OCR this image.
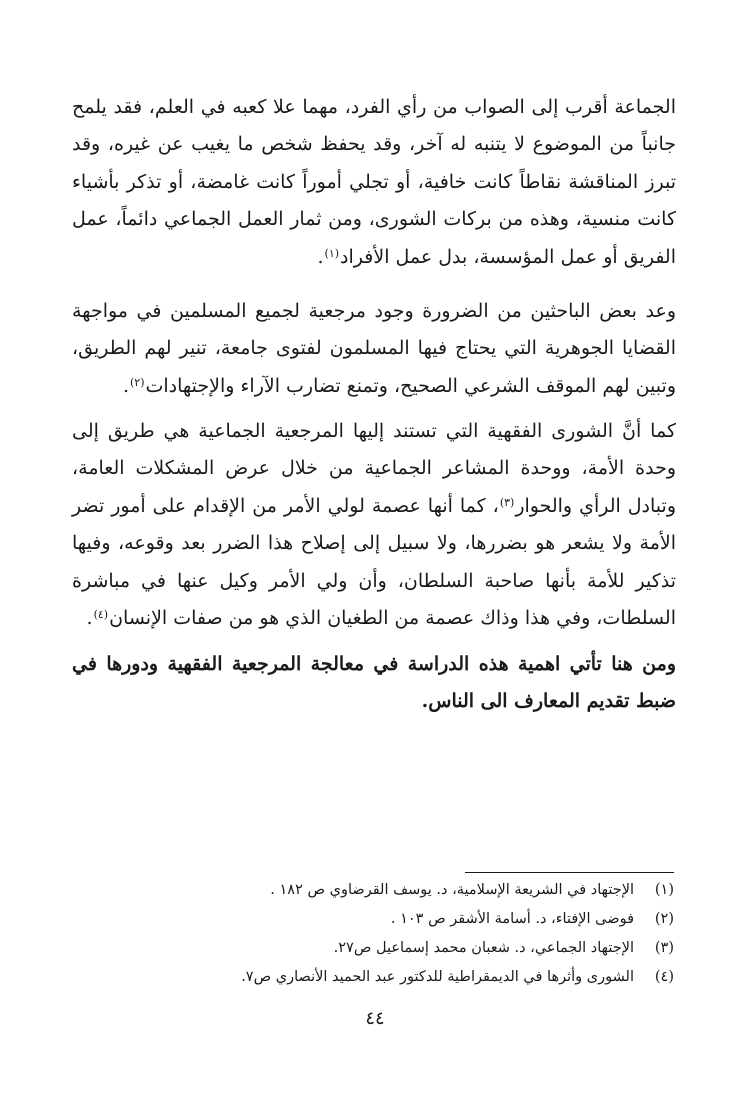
الجماعة أقرب إلى الصواب من رأي الفرد، مهما علا كعبه في العلم، فقد يلمح جانباً من الموضوع لا يتنبه له آخر، وقد يحفظ شخص ما يغيب عن غيره، وقد تبرز المناقشة نقاطاً كانت خافية، أو تجلي أموراً كانت غامضة، أو تذكر بأشياء كانت منسية، وهذه من بركات الشورى، ومن ثمار العمل الجماعي دائماً، عمل الفريق أو عمل المؤسسة، بدل عمل الأفراد$^{(١)}$.

وعد بعض الباحثين من الضرورة وجود مرجعية لجميع المسلمين في مواجهة القضايا الجوهرية التي يحتاج فيها المسلمون لفتوى جامعة، تنير لهم الطريق، وتبين لهم الموقف الشرعي الصحيح، وتمنع تضارب الآراء والإجتهادات$^{(٢)}$.

كما أنَّ الشورى الفقهية التي تستند إليها المرجعية الجماعية هي طريق إلى وحدة الأمة، ووحدة المشاعر الجماعية من خلال عرض المشكلات العامة، وتبادل الرأي والحوار$^{(٣)}$، كما أنها عصمة لولي الأمر من الإقدام على أمور تضر الأمة ولا يشعر هو بضررها، ولا سبيل إلى إصلاح هذا الضرر بعد وقوعه، وفيها تذكير للأمة بأنها صاحبة السلطان، وأن ولي الأمر وكيل عنها في مباشرة السلطات، وفي هذا وذاك عصمة من الطغيان الذي هو من صفات الإنسان$^{(٤)}$.

ومن هنا تأتي اهمية هذه الدراسة في معالجة المرجعية الفقهية ودورها في ضبط تقديم المعارف الى الناس.

(١)
الإجتهاد في الشريعة الإسلامية، د. يوسف القرضاوي ص ١٨٢ .
(٢)
فوضى الإفتاء، د. أسامة الأشقر ص ١٠٣ .
(٣)
الإجتهاد الجماعي، د. شعبان محمد إسماعيل ص٢٧.
(٤)
الشورى وأثرها في الديمقراطية للدكتور عبد الحميد الأنصاري ص٧.
٤٤
